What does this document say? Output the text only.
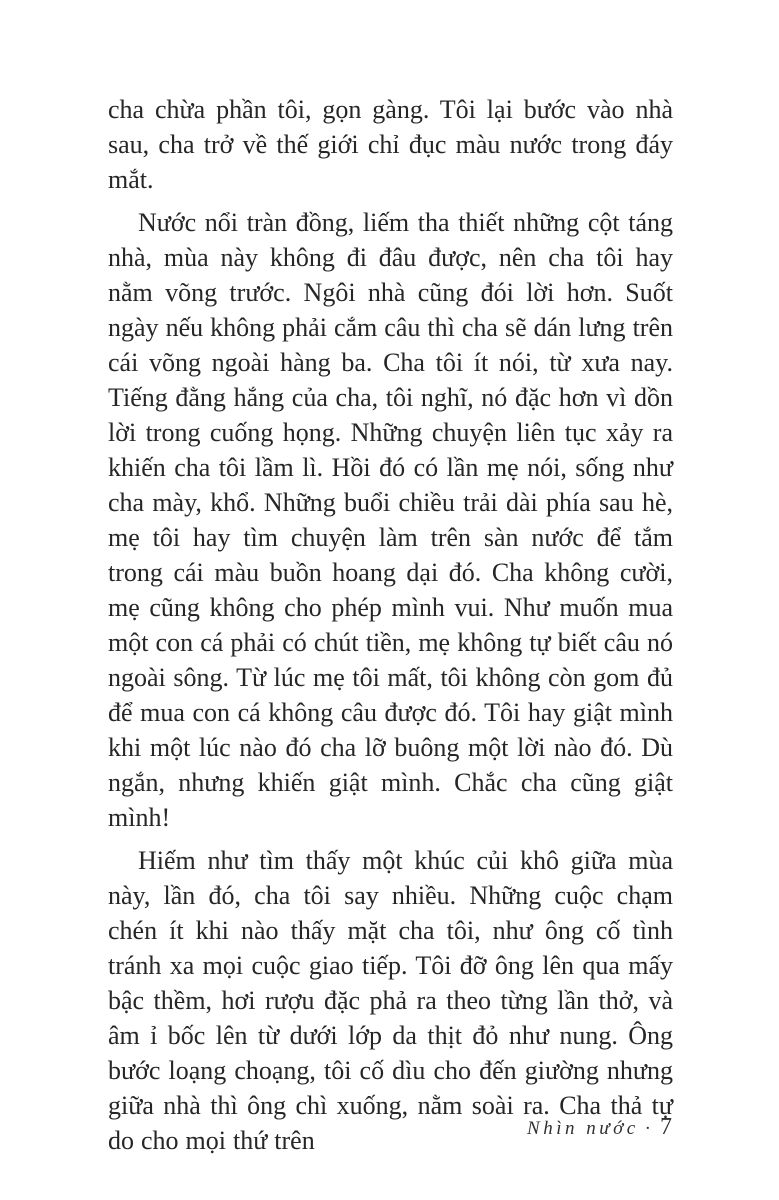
cha chừa phần tôi, gọn gàng. Tôi lại bước vào nhà sau, cha trở về thế giới chỉ đục màu nước trong đáy mắt.

Nước nổi tràn đồng, liếm tha thiết những cột táng nhà, mùa này không đi đâu được, nên cha tôi hay nằm võng trước. Ngôi nhà cũng đói lời hơn. Suốt ngày nếu không phải cắm câu thì cha sẽ dán lưng trên cái võng ngoài hàng ba. Cha tôi ít nói, từ xưa nay. Tiếng đằng hắng của cha, tôi nghĩ, nó đặc hơn vì dồn lời trong cuống họng. Những chuyện liên tục xảy ra khiến cha tôi lầm lì. Hồi đó có lần mẹ nói, sống như cha mày, khổ. Những buổi chiều trải dài phía sau hè, mẹ tôi hay tìm chuyện làm trên sàn nước để tắm trong cái màu buồn hoang dại đó. Cha không cười, mẹ cũng không cho phép mình vui. Như muốn mua một con cá phải có chút tiền, mẹ không tự biết câu nó ngoài sông. Từ lúc mẹ tôi mất, tôi không còn gom đủ để mua con cá không câu được đó. Tôi hay giật mình khi một lúc nào đó cha lỡ buông một lời nào đó. Dù ngắn, nhưng khiến giật mình. Chắc cha cũng giật mình!

Hiếm như tìm thấy một khúc củi khô giữa mùa này, lần đó, cha tôi say nhiều. Những cuộc chạm chén ít khi nào thấy mặt cha tôi, như ông cố tình tránh xa mọi cuộc giao tiếp. Tôi đỡ ông lên qua mấy bậc thềm, hơi rượu đặc phả ra theo từng lần thở, và âm ỉ bốc lên từ dưới lớp da thịt đỏ như nung. Ông bước loạng choạng, tôi cố dìu cho đến giường nhưng giữa nhà thì ông chì xuống, nằm soài ra. Cha thả tự do cho mọi thứ trên	Nhìn nước · 7
